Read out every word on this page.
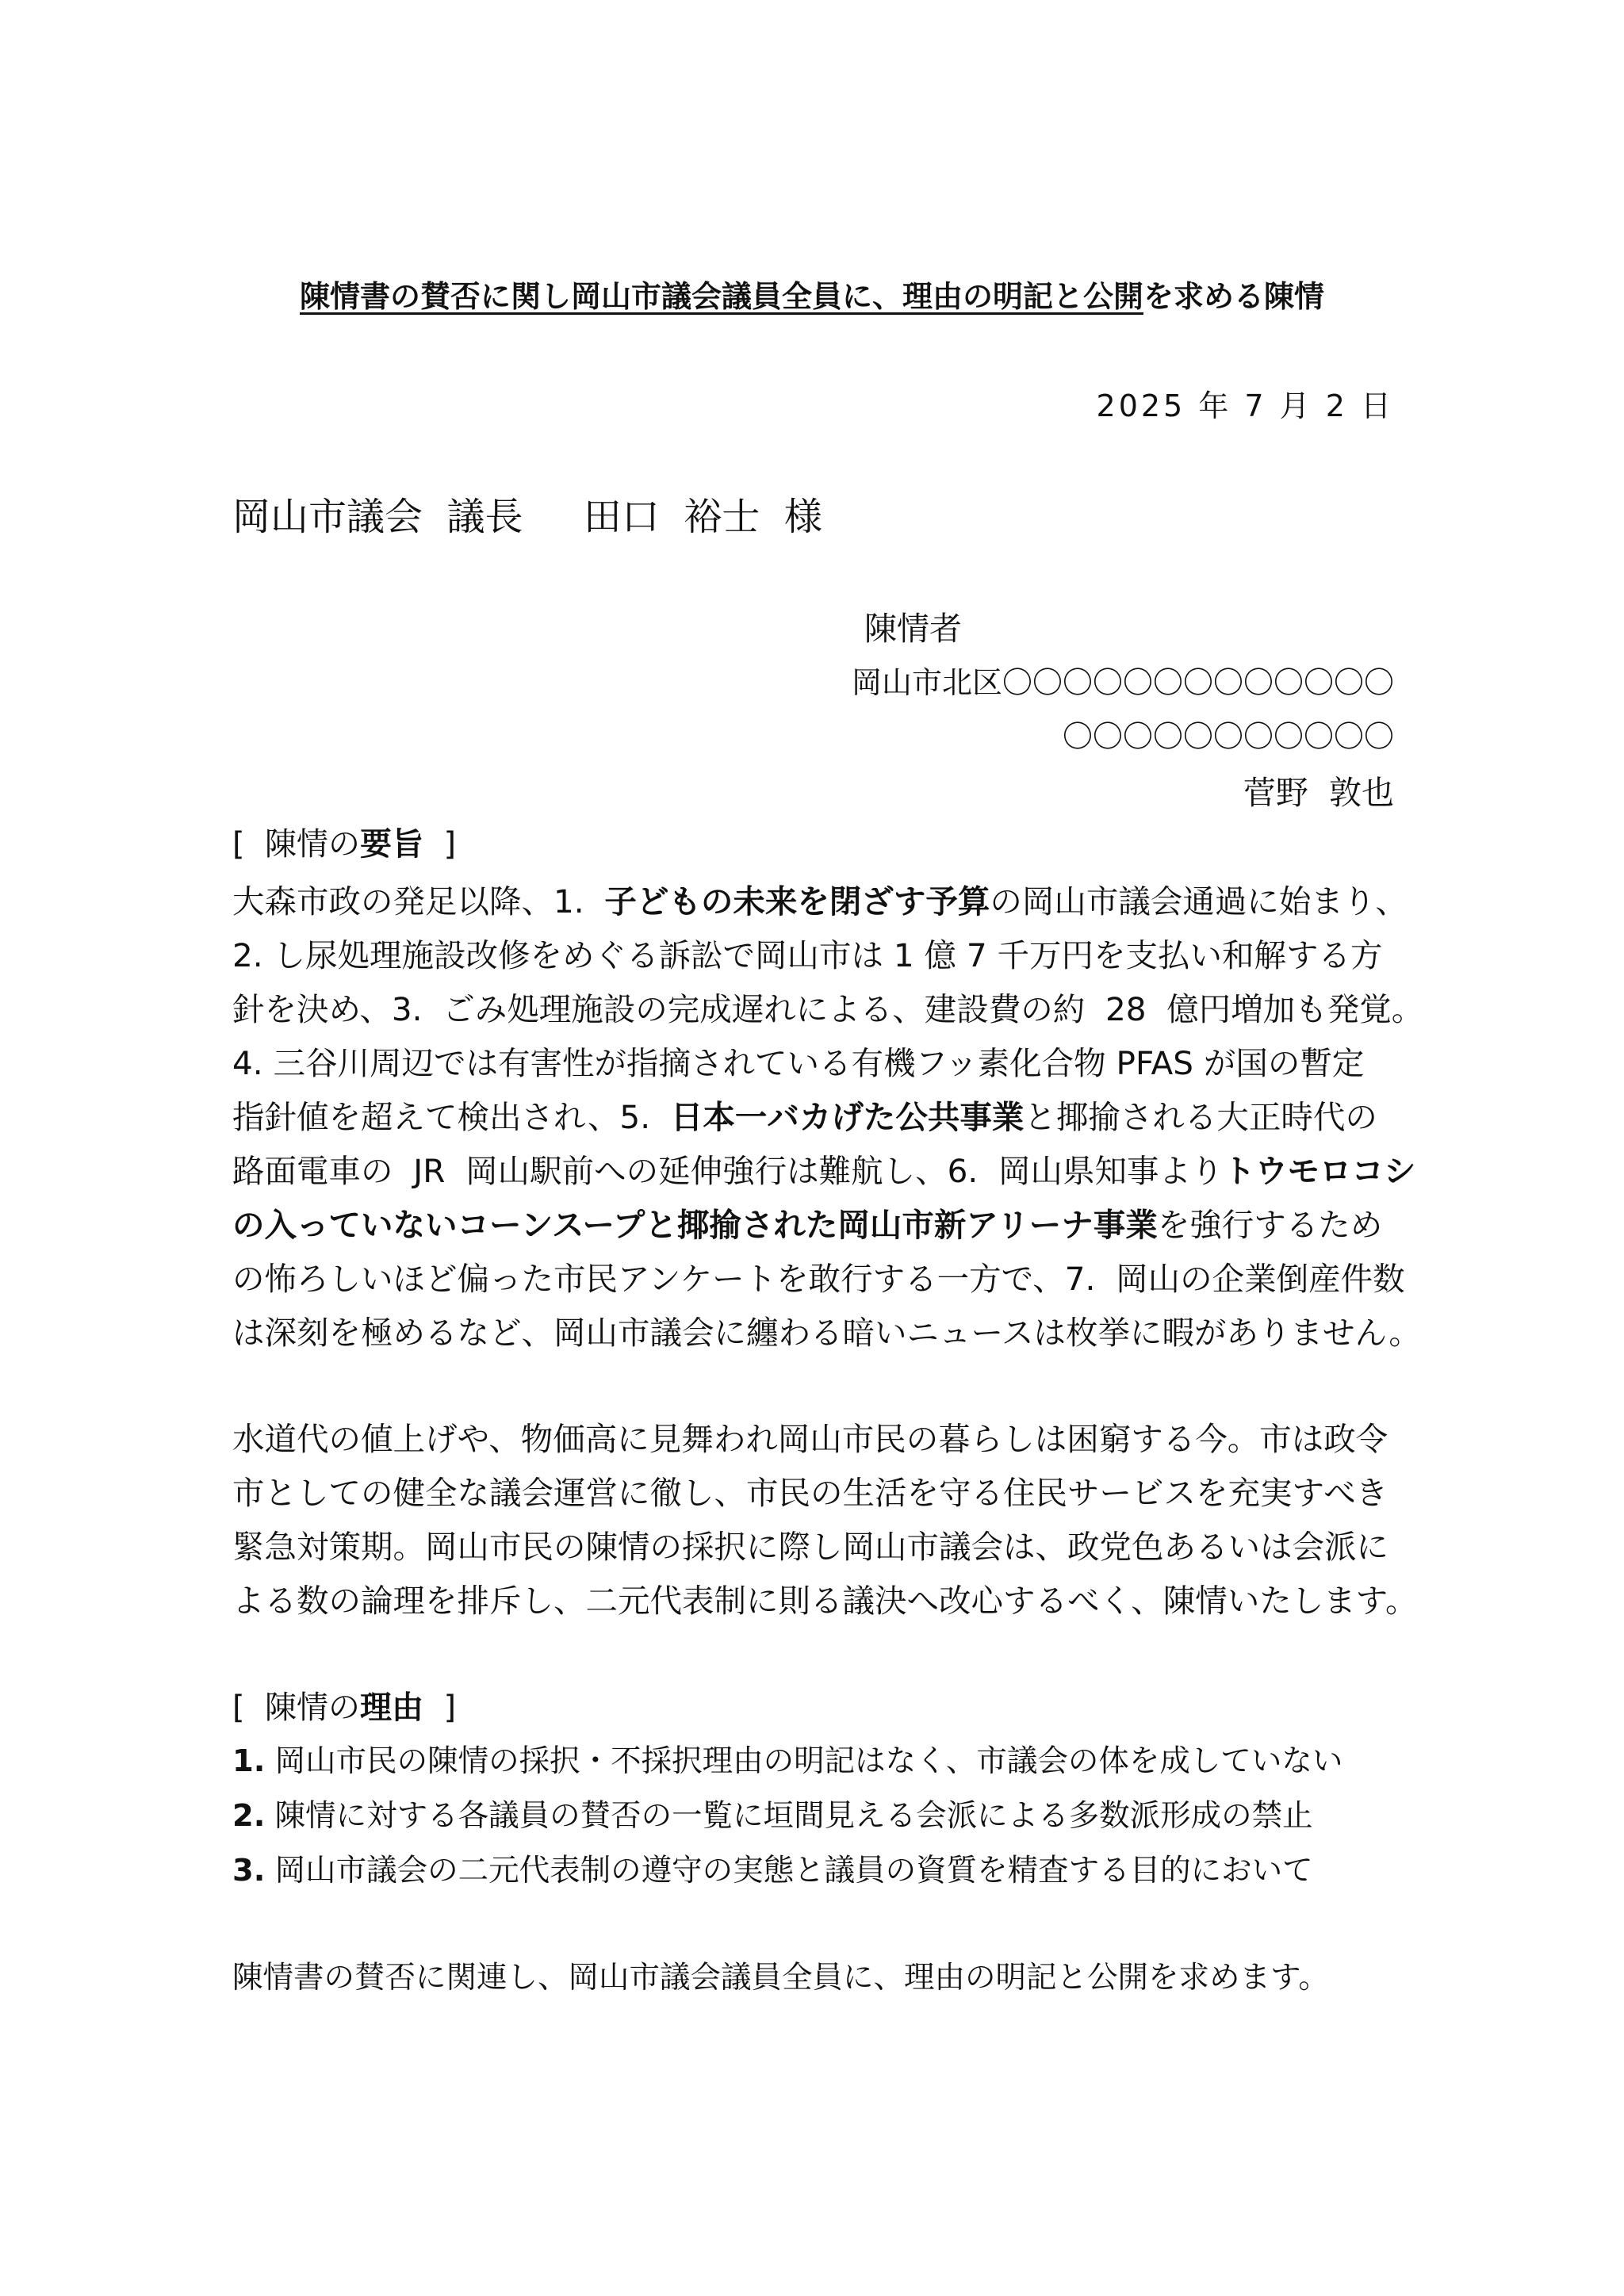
陳情書の賛否に関し岡山市議会議員全員に、理由の明記と公開を求める陳情
2025 年 7 月 2 日
岡山市議会  議長     田口  裕士  様
陳情者
岡山市北区〇〇〇〇〇〇〇〇〇〇〇〇〇
〇〇〇〇〇〇〇〇〇〇〇
菅野  敦也
[  陳情の要旨  ]
大森市政の発足以降、1.  子どもの未来を閉ざす予算の岡山市議会通過に始まり、
2. し尿処理施設改修をめぐる訴訟で岡山市は 1 億 7 千万円を支払い和解する方
針を決め、3.  ごみ処理施設の完成遅れによる、建設費の約  28  億円増加も発覚。
4. 三谷川周辺では有害性が指摘されている有機フッ素化合物 PFAS が国の暫定
指針値を超えて検出され、5.  日本一バカげた公共事業と揶揄される大正時代の
路面電車の  JR  岡山駅前への延伸強行は難航し、6.  岡山県知事よりトウモロコシ
の入っていないコーンスープと揶揄された岡山市新アリーナ事業を強行するため
の怖ろしいほど偏った市民アンケートを敢行する一方で、7.  岡山の企業倒産件数
は深刻を極めるなど、岡山市議会に纏わる暗いニュースは枚挙に暇がありません。
水道代の値上げや、物価高に見舞われ岡山市民の暮らしは困窮する今。市は政令
市としての健全な議会運営に徹し、市民の生活を守る住民サービスを充実すべき
緊急対策期。岡山市民の陳情の採択に際し岡山市議会は、政党色あるいは会派に
よる数の論理を排斥し、二元代表制に則る議決へ改心するべく、陳情いたします。
[  陳情の理由  ]
1. 岡山市民の陳情の採択・不採択理由の明記はなく、市議会の体を成していない
2. 陳情に対する各議員の賛否の一覧に垣間見える会派による多数派形成の禁止
3. 岡山市議会の二元代表制の遵守の実態と議員の資質を精査する目的において
陳情書の賛否に関連し、岡山市議会議員全員に、理由の明記と公開を求めます。
